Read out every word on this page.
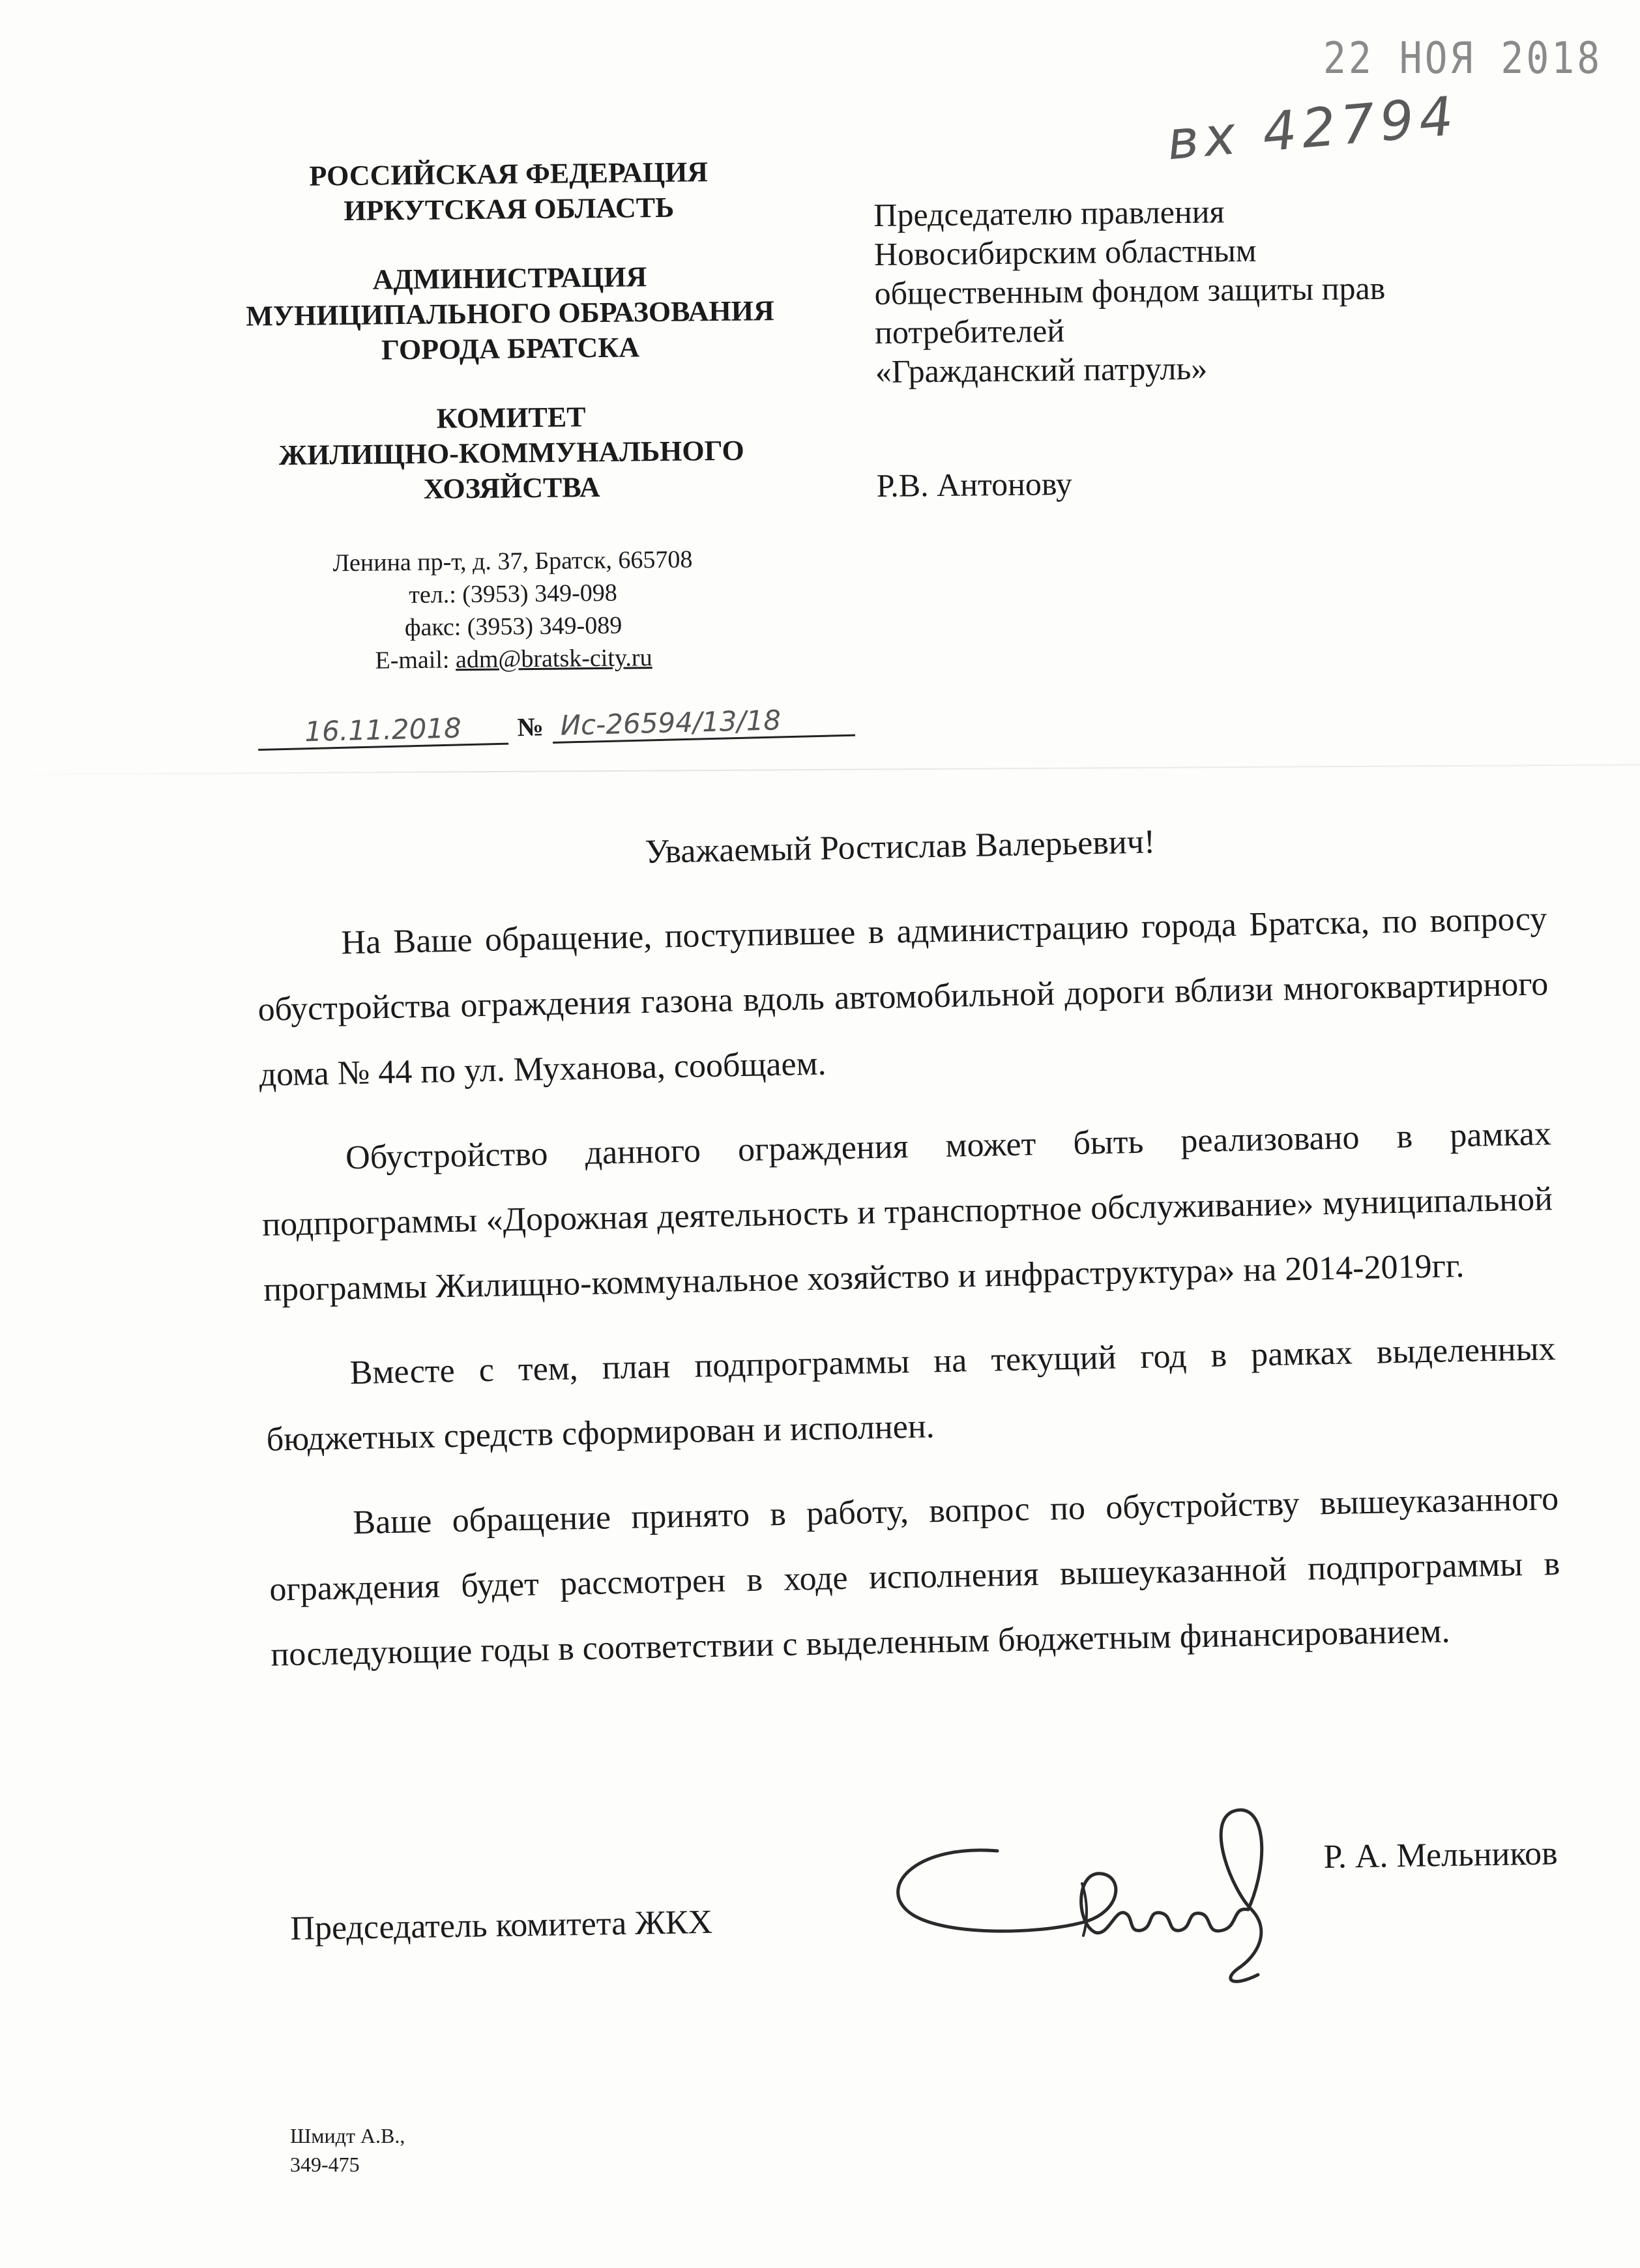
22 НОЯ 2018
вх 42794
РОССИЙСКАЯ ФЕДЕРАЦИЯ
ИРКУТСКАЯ ОБЛАСТЬ
АДМИНИСТРАЦИЯ
МУНИЦИПАЛЬНОГО ОБРАЗОВАНИЯ
ГОРОДА БРАТСКА
КОМИТЕТ
ЖИЛИЩНО-КОММУНАЛЬНОГО
ХОЗЯЙСТВА
Ленина пр-т, д. 37, Братск, 665708
тел.: (3953) 349-098
факс: (3953) 349-089
E-mail: adm@bratsk-city.ru
16.11.2018 № Ис-26594/13/18
Председателю правления
Новосибирским областным
общественным фондом защиты прав
потребителей
«Гражданский патруль»
Р.В. Антонову
Уважаемый Ростислав Валерьевич!
На Ваше обращение, поступившее в администрацию города Братска, по вопросу обустройства ограждения газона вдоль автомобильной дороги вблизи многоквартирного дома № 44 по ул. Муханова, сообщаем.
Обустройство данного ограждения может быть реализовано в рамках подпрограммы «Дорожная деятельность и транспортное обслуживание» муниципальной программы Жилищно-коммунальное хозяйство и инфраструктура» на 2014-2019гг.
Вместе с тем, план подпрограммы на текущий год в рамках выделенных бюджетных средств сформирован и исполнен.
Ваше обращение принято в работу, вопрос по обустройству вышеуказанного ограждения будет рассмотрен в ходе исполнения вышеуказанной подпрограммы в последующие годы в соответствии с выделенным бюджетным финансированием.
Председатель комитета ЖКХ
Р. А. Мельников
Шмидт А.В.,
349-475
